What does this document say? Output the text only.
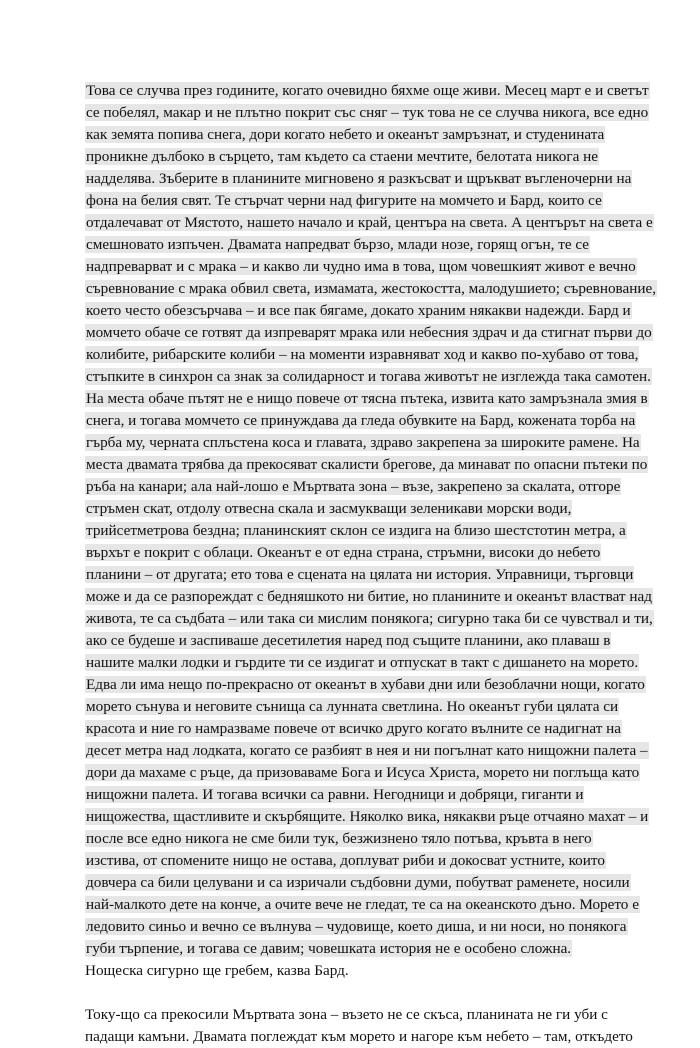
Това се случва през годините, когато очевидно бяхме още живи. Месец март е и светът
се побелял, макар и не плътно покрит със сняг – тук това не се случва никога, все едно
как земята попива снега, дори когато небето и океанът замръзнат, и студенината
проникне дълбоко в сърцето, там където са стаени мечтите, белотата никога не
надделява. Зъберите в планините мигновено я разкъсват и щръкват въгленочерни на
фона на белия свят. Те стърчат черни над фигурите на момчето и Бард, които се
отдалечават от Мястото, нашето начало и край, центъра на света. А центърът на света е
смешновато изпъчен. Двамата напредват бързо, млади нозе, горящ огън, те се
надпреварват и с мрака – и какво ли чудно има в това, щом човешкият живот е вечно
съревнование с мрака обвил света, измамата, жестокостта, малодушието; съревнование,
което често обезсърчава – и все пак бягаме, докато храним някакви надежди. Бард и
момчето обаче се готвят да изпреварят мрака или небесния здрач и да стигнат първи до
колибите, рибарските колиби – на моменти изравняват ход и какво по-хубаво от това,
стъпките в синхрон са знак за солидарност и тогава животът не изглежда така самотен.
На места обаче пътят не е нищо повече от тясна пътека, извита като замръзнала змия в
снега, и тогава момчето се принуждава да гледа обувките на Бард, кожената торба на
гърба му, черната сплъстена коса и главата, здраво закрепена за широките рамене. На
места двамата трябва да прекосяват скалисти брегове, да минават по опасни пътеки по
ръба на канари; ала най-лошо е Мъртвата зона – възе, закрепено за скалата, отгоре
стръмен скат, отдолу отвесна скала и засмукващи зеленикави морски води,
трийсетметрова бездна; планинският склон се издига на близо шестстотин метра, а
върхът е покрит с облаци. Океанът е от една страна, стръмни, високи до небето
планини – от другата; ето това е сцената на цялата ни история. Управници, търговци
може и да се разпореждат с бедняшкото ни битие, но планините и океанът властват над
живота, те са съдбата – или така си мислим понякога; сигурно така би се чувствал и ти,
ако се будеше и заспиваше десетилетия наред под същите планини, ако плаваш в
нашите малки лодки и гърдите ти се издигат и отпускат в такт с дишането на морето.
Едва ли има нещо по-прекрасно от океанът в хубави дни или безоблачни нощи, когато
морето сънува и неговите сънища са лунната светлина. Но океанът губи цялата си
красота и ние го намразваме повече от всичко друго когато вълните се надигнат на
десет метра над лодката, когато се разбият в нея и ни погълнат като нищожни палета –
дори да махаме с ръце, да призоваваме Бога и Исуса Христа, морето ни поглъща като
нищожни палета. И тогава всички са равни. Негодници и добряци, гиганти и
нищожества, щастливите и скърбящите. Няколко вика, някакви ръце отчаяно махат – и
после все едно никога не сме били тук, безжизнено тяло потъва, кръвта в него
изстива, от спомените нищо не остава, доплуват риби и докосват устните, които
довчера са били целувани и са изричали съдбовни думи, побутват раменете, носили
най-малкото дете на конче, а очите вече не гледат, те са на океанското дъно. Морето е
ледовито синьо и вечно се вълнува – чудовище, което диша, и ни носи, но понякога
губи търпение, и тогава се давим; човешката история не е особено сложна.
Нощеска сигурно ще гребем, казва Бард.
Току-що са прекосили Мъртвата зона – възето не се скъса, планината не ги уби с
падащи камъни. Двамата поглеждат към морето и нагоре към небето – там, откъдето
